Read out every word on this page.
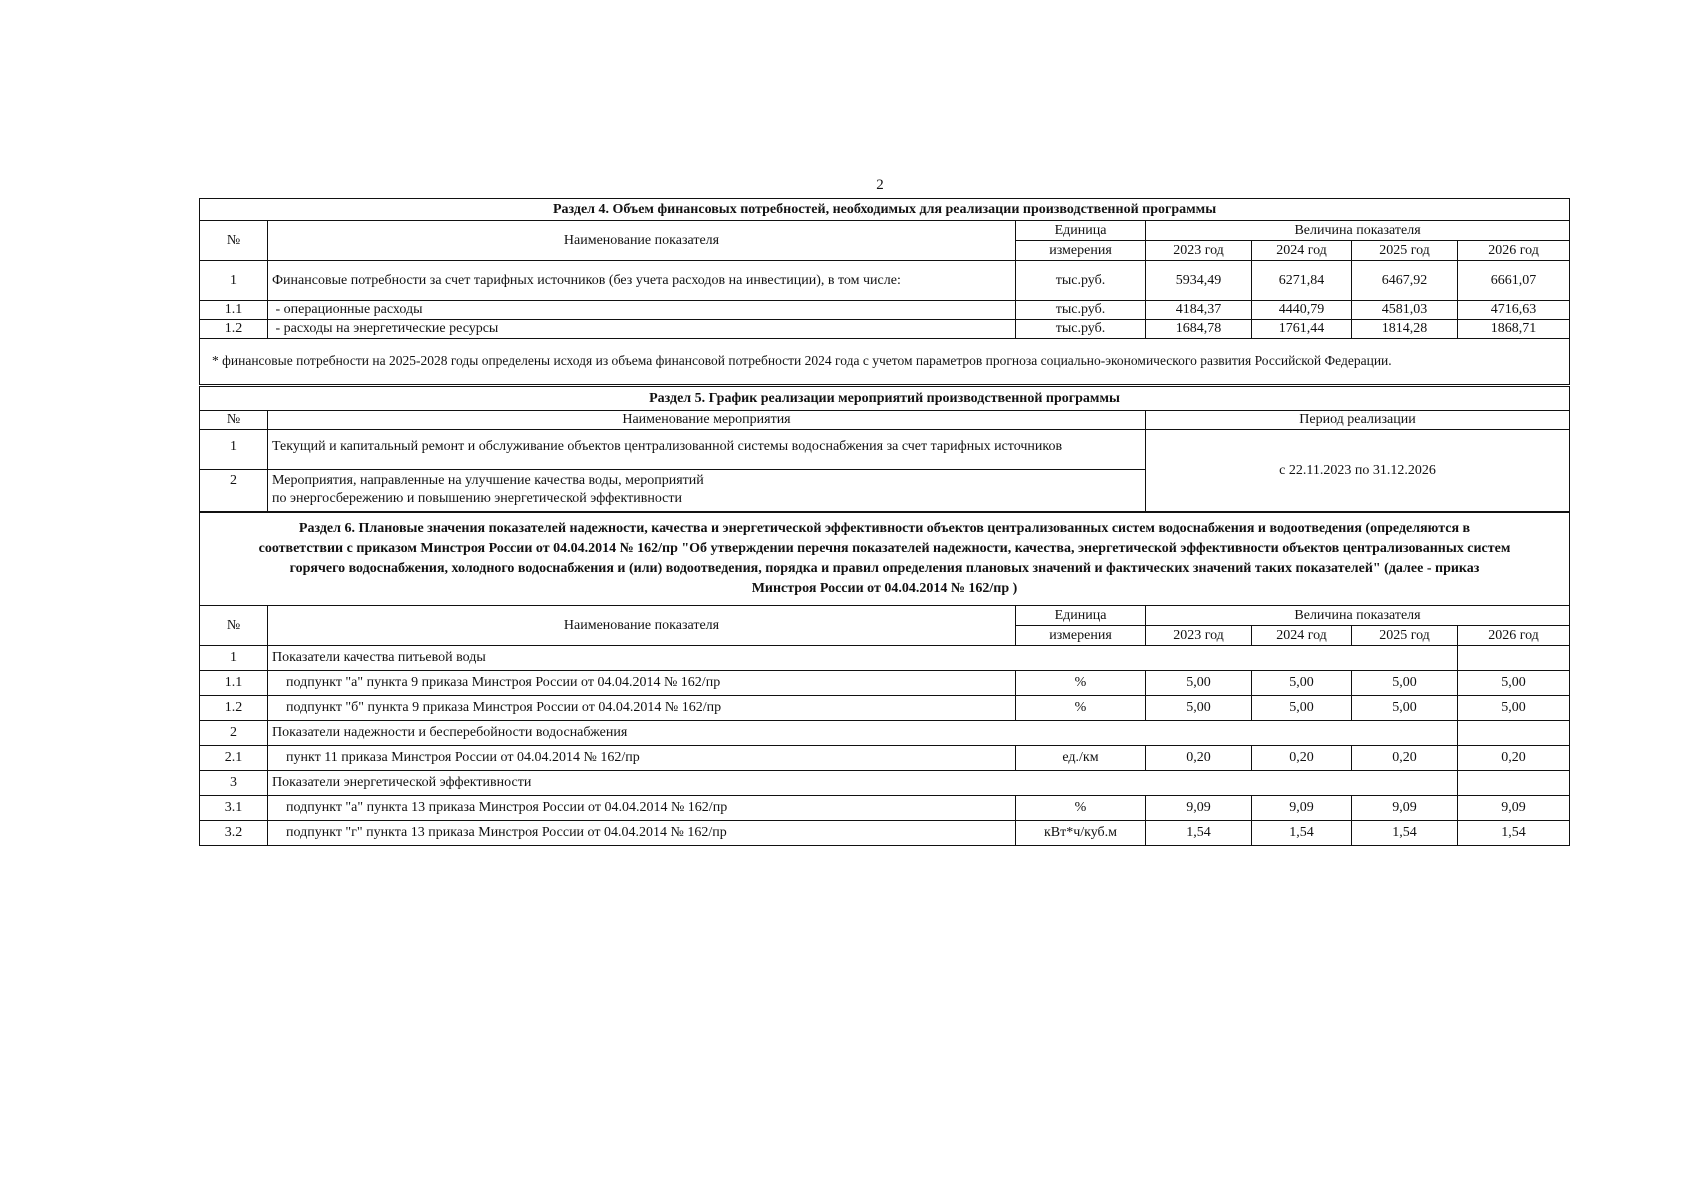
2
Раздел 4. Объем финансовых потребностей, необходимых для реализации производственной программы						
№	Наименование показателя	Единица	Величина показателя			
		измерения	2023 год	2024 год	2025 год	2026 год
1	Финансовые потребности за счет тарифных источников (без учета расходов на инвестиции), в том числе:	тыс.руб.	5934,49	6271,84	6467,92	6661,07
1.1	- операционные расходы	тыс.руб.	4184,37	4440,79	4581,03	4716,63
1.2	- расходы на энергетические ресурсы	тыс.руб.	1684,78	1761,44	1814,28	1868,71
* финансовые потребности на 2025-2028 годы определены исходя из объема финансовой потребности 2024 года с учетом параметров прогноза социально-экономического развития Российской Федерации.						
Раздел 5. График реализации мероприятий производственной программы		
№	Наименование мероприятия	Период реализации
1	Текущий и капитальный ремонт и обслуживание объектов централизованной системы водоснабжения за счет тарифных источников	с 22.11.2023 по 31.12.2026
2	Мероприятия, направленные на улучшение качества воды, мероприятий
по энергосбережению и повышению энергетической эффективности	
Раздел 6. Плановые значения показателей надежности, качества и энергетической эффективности объектов централизованных систем водоснабжения и водоотведения (определяются в
соответствии с приказом Минстроя России от 04.04.2014 № 162/пр "Об утверждении перечня показателей надежности, качества, энергетической эффективности объектов централизованных систем
горячего водоснабжения, холодного водоснабжения и (или) водоотведения, порядка и правил определения плановых значений и фактических значений таких показателей" (далее - приказ
Минстроя России от 04.04.2014 № 162/пр )						

№	Наименование показателя	Единица	Величина показателя			
		измерения	2023 год	2024 год	2025 год	2026 год
1	Показатели качества питьевой воды					
1.1	подпункт "а" пункта 9 приказа Минстроя России от 04.04.2014 № 162/пр	%	5,00	5,00	5,00	5,00
1.2	подпункт "б" пункта 9 приказа Минстроя России от 04.04.2014 № 162/пр	%	5,00	5,00	5,00	5,00
2	Показатели надежности и бесперебойности водоснабжения					
2.1	пункт 11 приказа Минстроя России от 04.04.2014 № 162/пр	ед./км	0,20	0,20	0,20	0,20
3	Показатели энергетической эффективности					
3.1	подпункт "а" пункта 13 приказа Минстроя России от 04.04.2014 № 162/пр	%	9,09	9,09	9,09	9,09
3.2	подпункт "г" пункта 13 приказа Минстроя России от 04.04.2014 № 162/пр	кВт*ч/куб.м	1,54	1,54	1,54	1,54
